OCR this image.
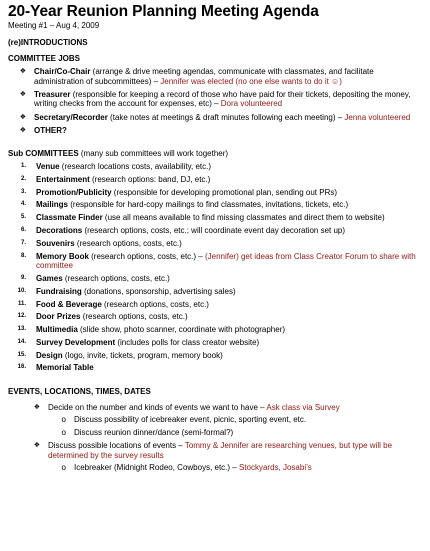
20-Year Reunion Planning Meeting Agenda
Meeting #1 – Aug 4, 2009
(re)INTRODUCTIONS
COMMITTEE JOBS
❖	Chair/Co-Chair (arrange & drive meeting agendas, communicate with classmates, and facilitate administration of subcommittees) – Jennifer was elected (no one else wants to do it ☺)
❖	Treasurer (responsible for keeping a record of those who have paid for their tickets, depositing the money, writing checks from the account for expenses, etc) – Dora volunteered
❖	Secretary/Recorder (take notes at meetings & draft minutes following each meeting) – Jenna volunteered
❖	OTHER?
Sub COMMITTEES (many sub committees will work together)
1.	Venue (research locations costs, availability, etc.)
2.	Entertainment (research options: band, DJ, etc.)
3.	Promotion/Publicity (responsible for developing promotional plan, sending out PRs)
4.	Mailings (responsible for hard-copy mailings to find classmates, invitations, tickets, etc.)
5.	Classmate Finder (use all means available to find missing classmates and direct them to website)
6.	Decorations (research options, costs, etc.; will coordinate event day decoration set up)
7.	Souvenirs (research options, costs, etc.)
8.	Memory Book (research options, costs, etc.) – (Jennifer) get ideas from Class Creator Forum to share with committee
9.	Games (research options, costs, etc.)
10.	Fundraising (donations, sponsorship, advertising sales)
11.	Food & Beverage (research options, costs, etc.)
12.	Door Prizes (research options, costs, etc.)
13.	Multimedia (slide show, photo scanner, coordinate with photographer)
14.	Survey Development (includes polls for class creator website)
15.	Design (logo, invite, tickets, program, memory book)
16.	Memorial Table
EVENTS, LOCATIONS, TIMES, DATES
❖	Decide on the number and kinds of events we want to have – Ask class via Survey
o	Discuss possibility of icebreaker event, picnic, sporting event, etc.
o	Discuss reunion dinner/dance (semi-formal?)
❖	Discuss possible locations of events – Tommy & Jennifer are researching venues, but type will be determined by the survey results
o	Icebreaker (Midnight Rodeo, Cowboys, etc.) – Stockyards, Josabi’s
